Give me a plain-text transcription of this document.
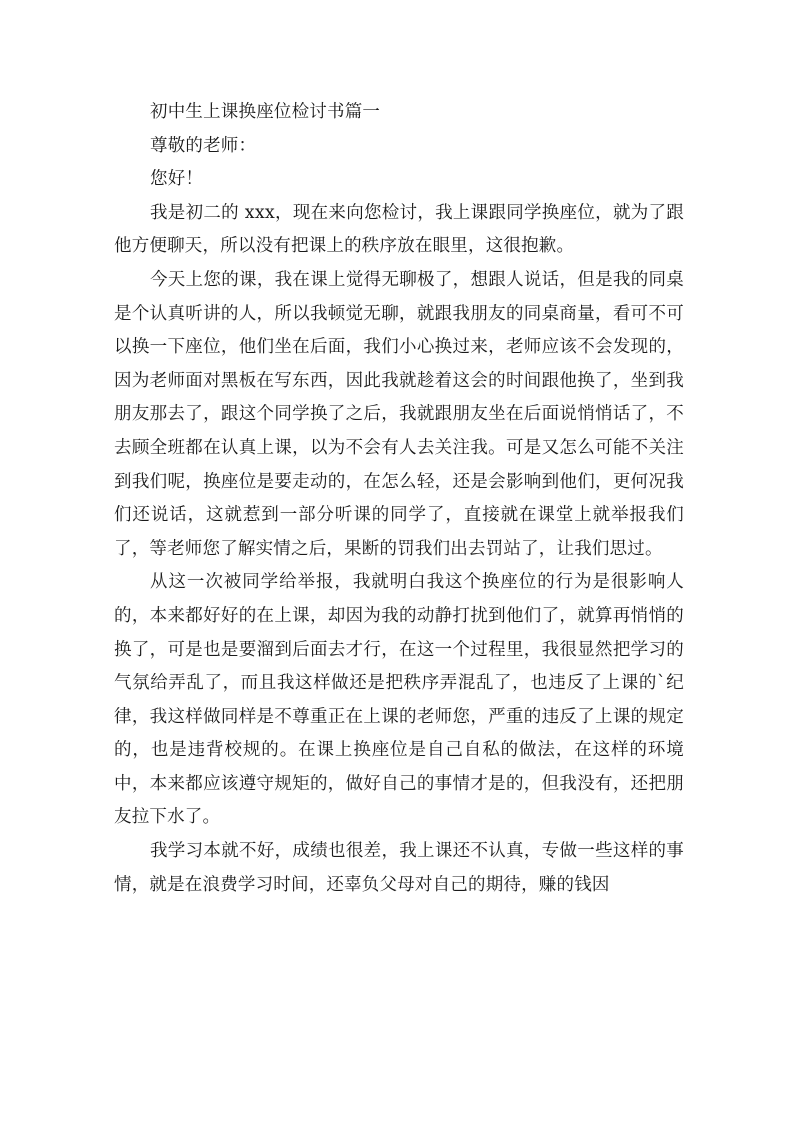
初中生上课换座位检讨书篇一
尊敬的老师：
您好！

我是初二的 xxx，现在来向您检讨，我上课跟同学换座位，就为了跟他方便聊天，所以没有把课上的秩序放在眼里，这很抱歉。

今天上您的课，我在课上觉得无聊极了，想跟人说话，但是我的同桌是个认真听讲的人，所以我顿觉无聊，就跟我朋友的同桌商量，看可不可以换一下座位，他们坐在后面，我们小心换过来，老师应该不会发现的，因为老师面对黑板在写东西，因此我就趁着这会的时间跟他换了，坐到我朋友那去了，跟这个同学换了之后，我就跟朋友坐在后面说悄悄话了，不去顾全班都在认真上课，以为不会有人去关注我。可是又怎么可能不关注到我们呢，换座位是要走动的，在怎么轻，还是会影响到他们，更何况我们还说话，这就惹到一部分听课的同学了，直接就在课堂上就举报我们了，等老师您了解实情之后，果断的罚我们出去罚站了，让我们思过。

从这一次被同学给举报，我就明白我这个换座位的行为是很影响人的，本来都好好的在上课，却因为我的动静打扰到他们了，就算再悄悄的换了，可是也是要溜到后面去才行，在这一个过程里，我很显然把学习的气氛给弄乱了，而且我这样做还是把秩序弄混乱了，也违反了上课的`纪律，我这样做同样是不尊重正在上课的老师您，严重的违反了上课的规定的，也是违背校规的。在课上换座位是自己自私的做法，在这样的环境中，本来都应该遵守规矩的，做好自己的事情才是的，但我没有，还把朋友拉下水了。

我学习本就不好，成绩也很差，我上课还不认真，专做一些这样的事情，就是在浪费学习时间，还辜负父母对自己的期待，赚的钱因
